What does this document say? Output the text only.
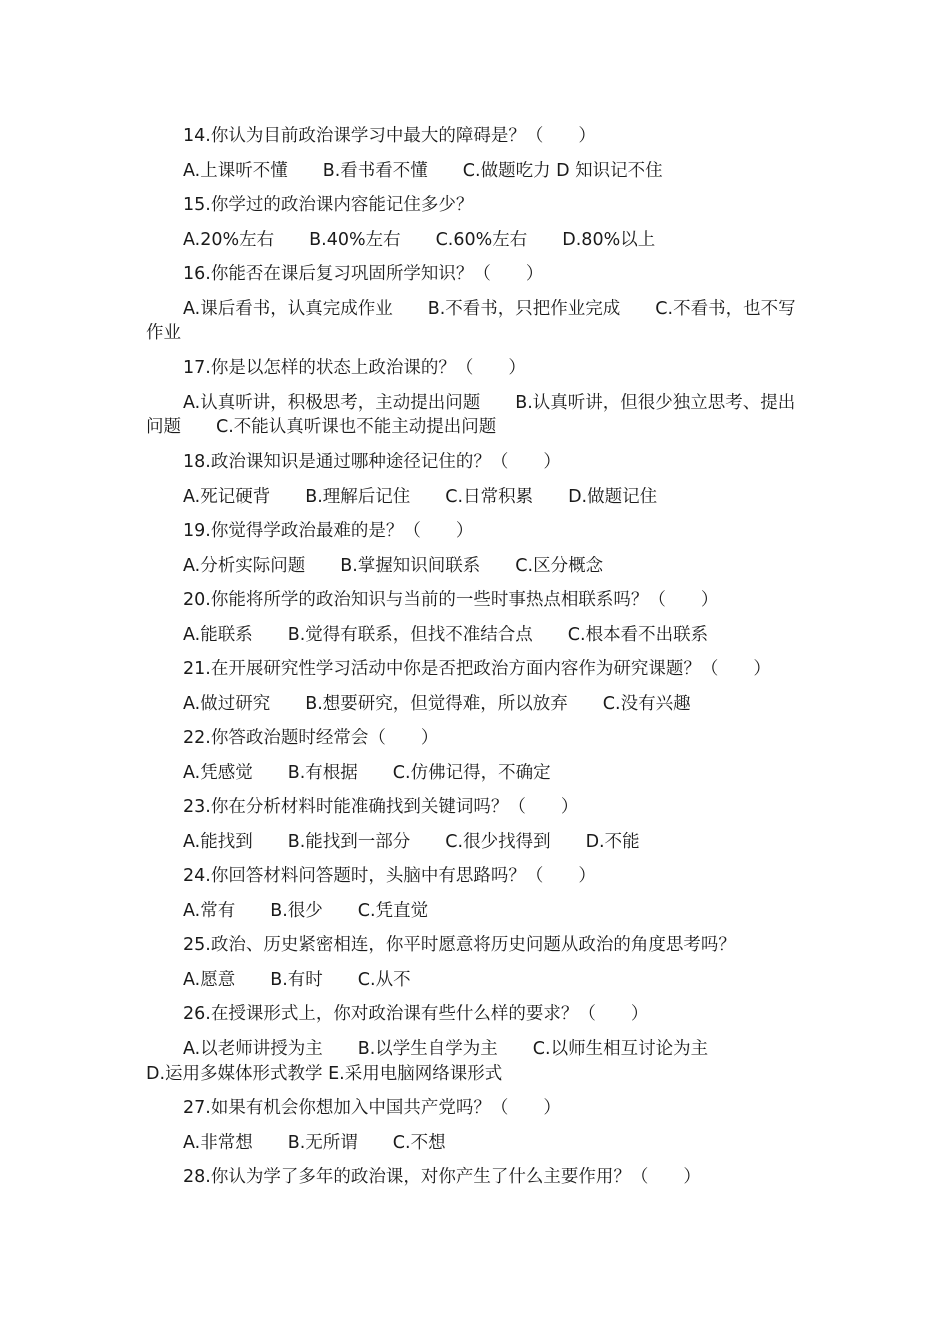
14.你认为目前政治课学习中最大的障碍是？（　　）
A.上课听不懂　　B.看书看不懂　　C.做题吃力 D 知识记不住
15.你学过的政治课内容能记住多少？
A.20%左右　　B.40%左右　　C.60%左右　　D.80%以上
16.你能否在课后复习巩固所学知识？（　　）
A.课后看书，认真完成作业　　B.不看书，只把作业完成　　C.不看书，也不写作业
17.你是以怎样的状态上政治课的？（　　）
A.认真听讲，积极思考，主动提出问题　　B.认真听讲，但很少独立思考、提出问题　　C.不能认真听课也不能主动提出问题
18.政治课知识是通过哪种途径记住的？（　　）
A.死记硬背　　B.理解后记住　　C.日常积累　　D.做题记住
19.你觉得学政治最难的是？（　　）
A.分析实际问题　　B.掌握知识间联系　　C.区分概念
20.你能将所学的政治知识与当前的一些时事热点相联系吗？（　　）
A.能联系　　B.觉得有联系，但找不准结合点　　C.根本看不出联系
21.在开展研究性学习活动中你是否把政治方面内容作为研究课题？（　　）
A.做过研究　　B.想要研究，但觉得难，所以放弃　　C.没有兴趣
22.你答政治题时经常会（　　）
A.凭感觉　　B.有根据　　C.仿佛记得，不确定
23.你在分析材料时能准确找到关键词吗？（　　）
A.能找到　　B.能找到一部分　　C.很少找得到　　D.不能
24.你回答材料问答题时，头脑中有思路吗？（　　）
A.常有　　B.很少　　C.凭直觉
25.政治、历史紧密相连，你平时愿意将历史问题从政治的角度思考吗？
A.愿意　　B.有时　　C.从不
26.在授课形式上，你对政治课有些什么样的要求？（　　）
A.以老师讲授为主　　B.以学生自学为主　　C.以师生相互讨论为主
D.运用多媒体形式教学 E.采用电脑网络课形式
27.如果有机会你想加入中国共产党吗？（　　）
A.非常想　　B.无所谓　　C.不想
28.你认为学了多年的政治课，对你产生了什么主要作用？（　　）
